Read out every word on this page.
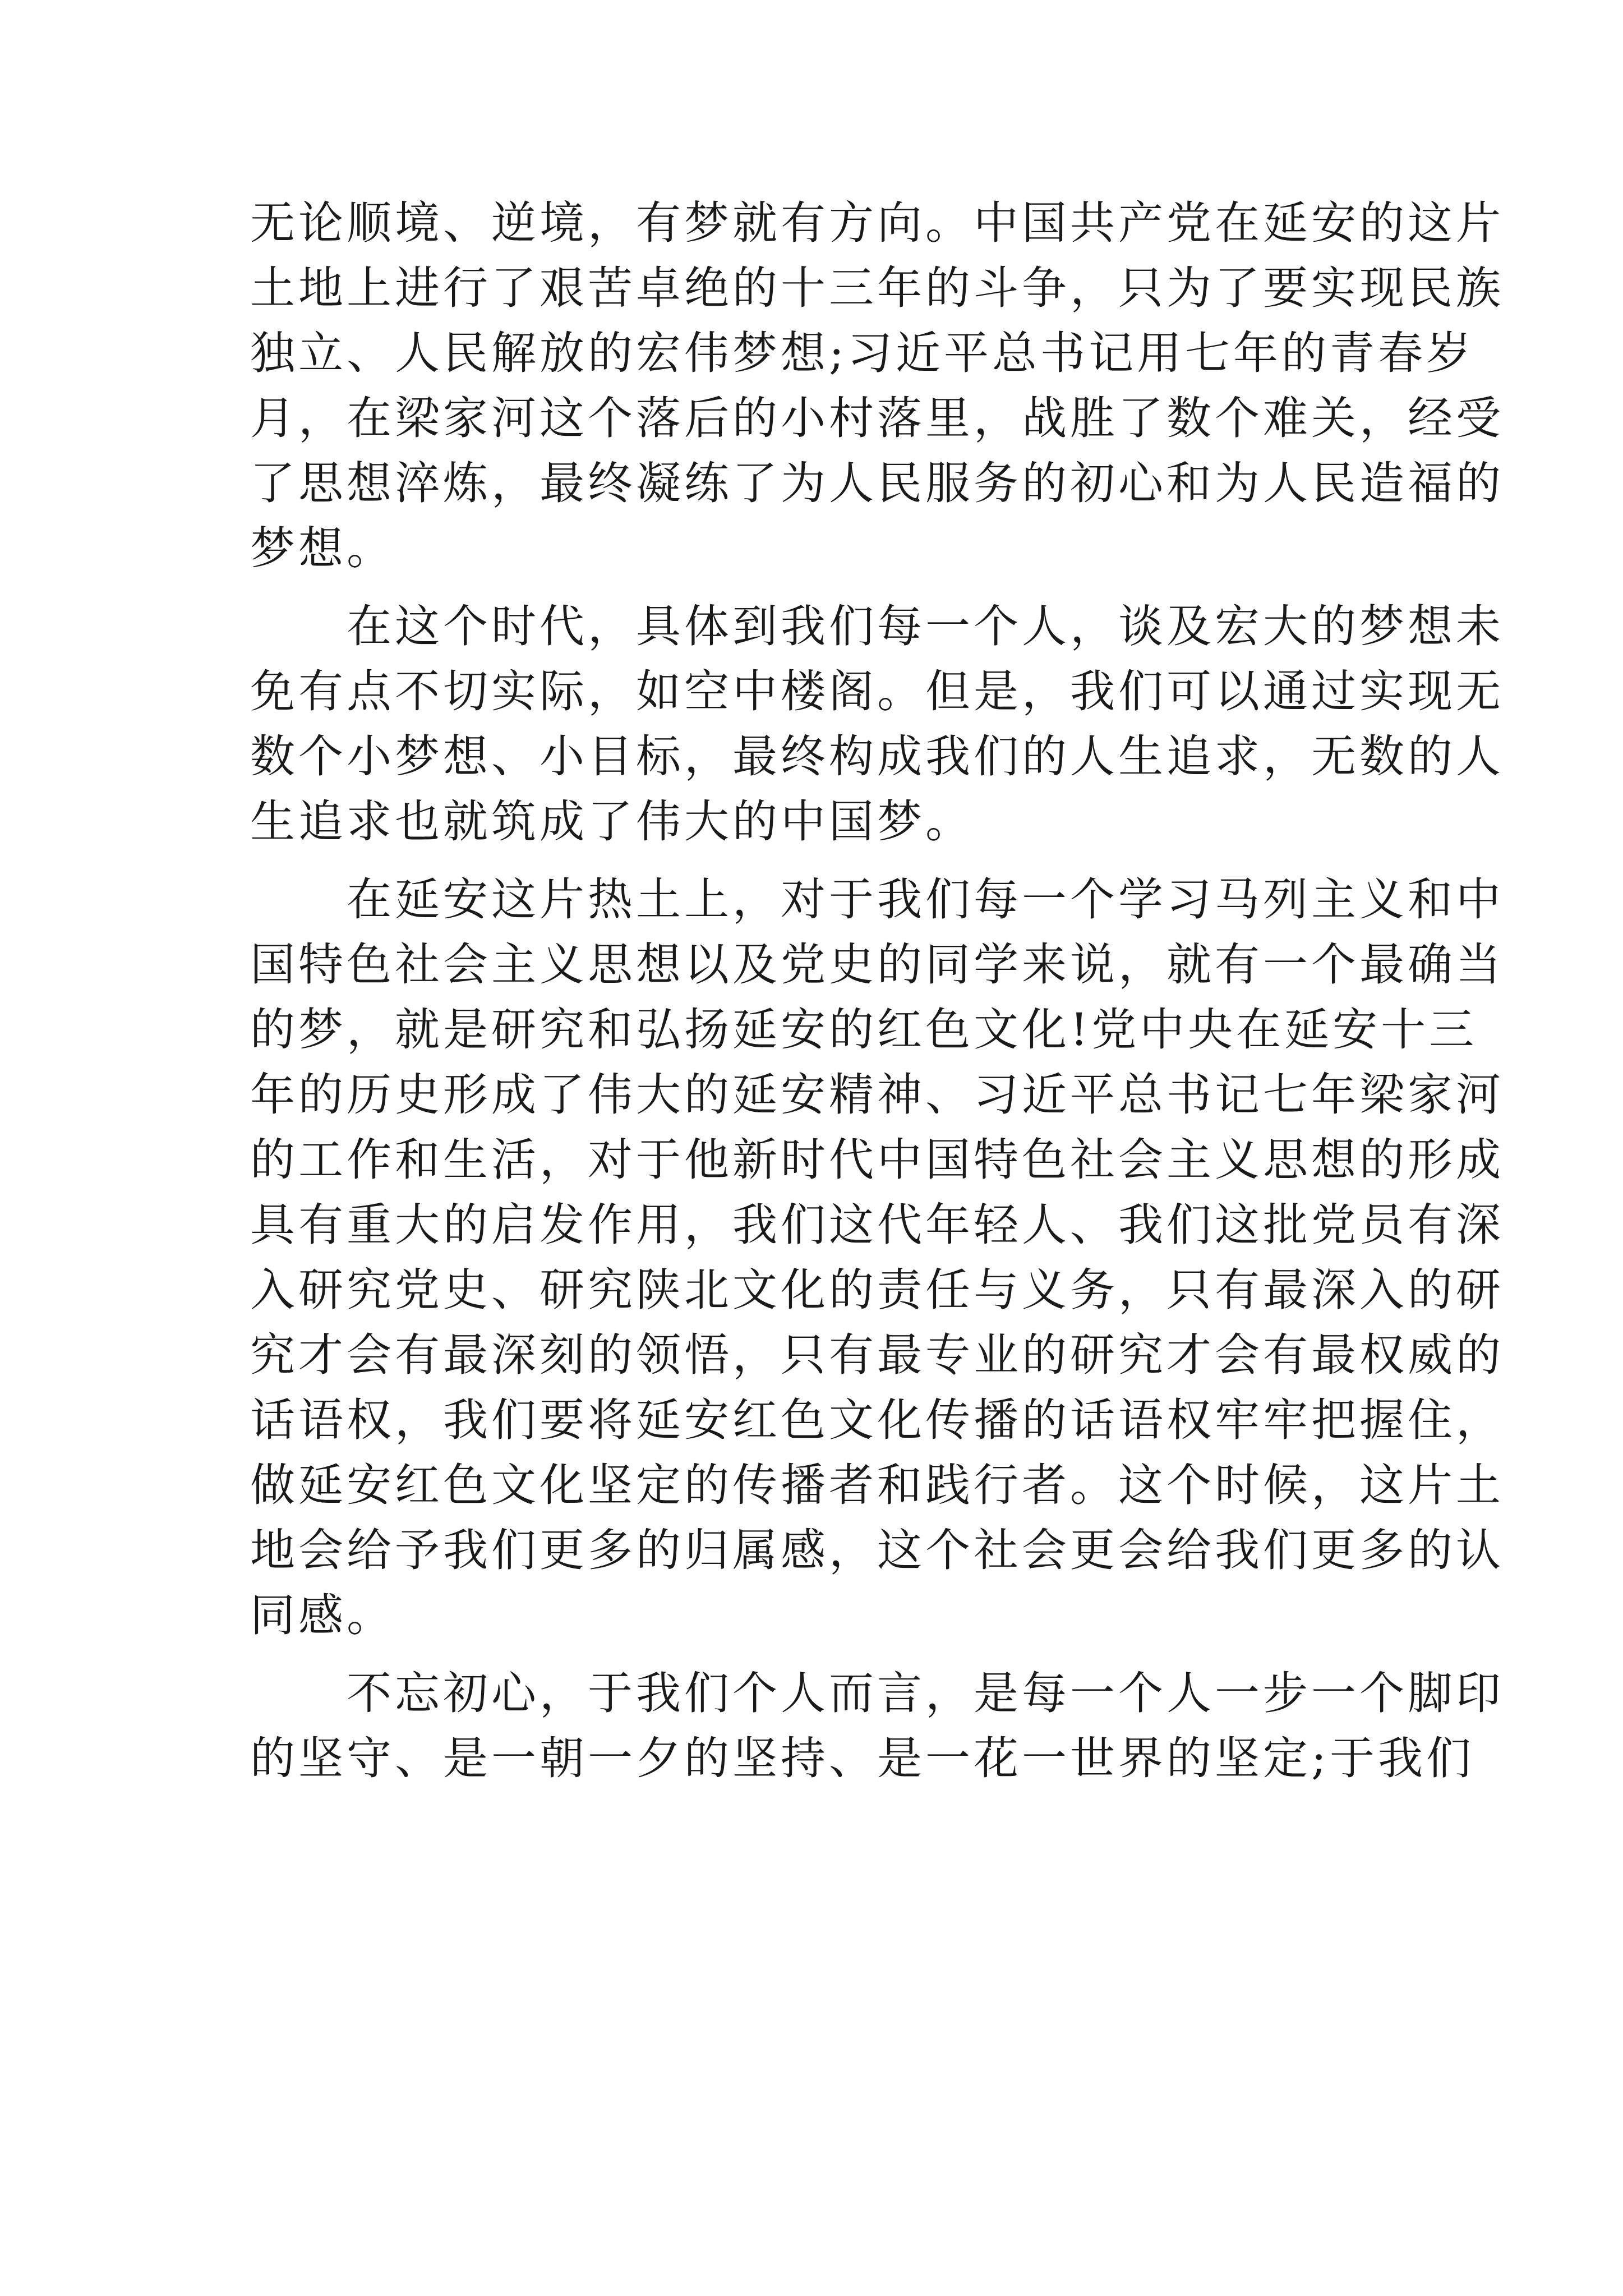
无论顺境、逆境，有梦就有方向。中国共产党在延安的这片
土地上进行了艰苦卓绝的十三年的斗争，只为了要实现民族
独立、人民解放的宏伟梦想;习近平总书记用七年的青春岁
月，在梁家河这个落后的小村落里，战胜了数个难关，经受
了思想淬炼，最终凝练了为人民服务的初心和为人民造福的
梦想。
在这个时代，具体到我们每一个人，谈及宏大的梦想未
免有点不切实际，如空中楼阁。但是，我们可以通过实现无
数个小梦想、小目标，最终构成我们的人生追求，无数的人
生追求也就筑成了伟大的中国梦。
在延安这片热土上，对于我们每一个学习马列主义和中
国特色社会主义思想以及党史的同学来说，就有一个最确当
的梦，就是研究和弘扬延安的红色文化!党中央在延安十三
年的历史形成了伟大的延安精神、习近平总书记七年梁家河
的工作和生活，对于他新时代中国特色社会主义思想的形成
具有重大的启发作用，我们这代年轻人、我们这批党员有深
入研究党史、研究陕北文化的责任与义务，只有最深入的研
究才会有最深刻的领悟，只有最专业的研究才会有最权威的
话语权，我们要将延安红色文化传播的话语权牢牢把握住，
做延安红色文化坚定的传播者和践行者。这个时候，这片土
地会给予我们更多的归属感，这个社会更会给我们更多的认
同感。
不忘初心，于我们个人而言，是每一个人一步一个脚印
的坚守、是一朝一夕的坚持、是一花一世界的坚定;于我们
